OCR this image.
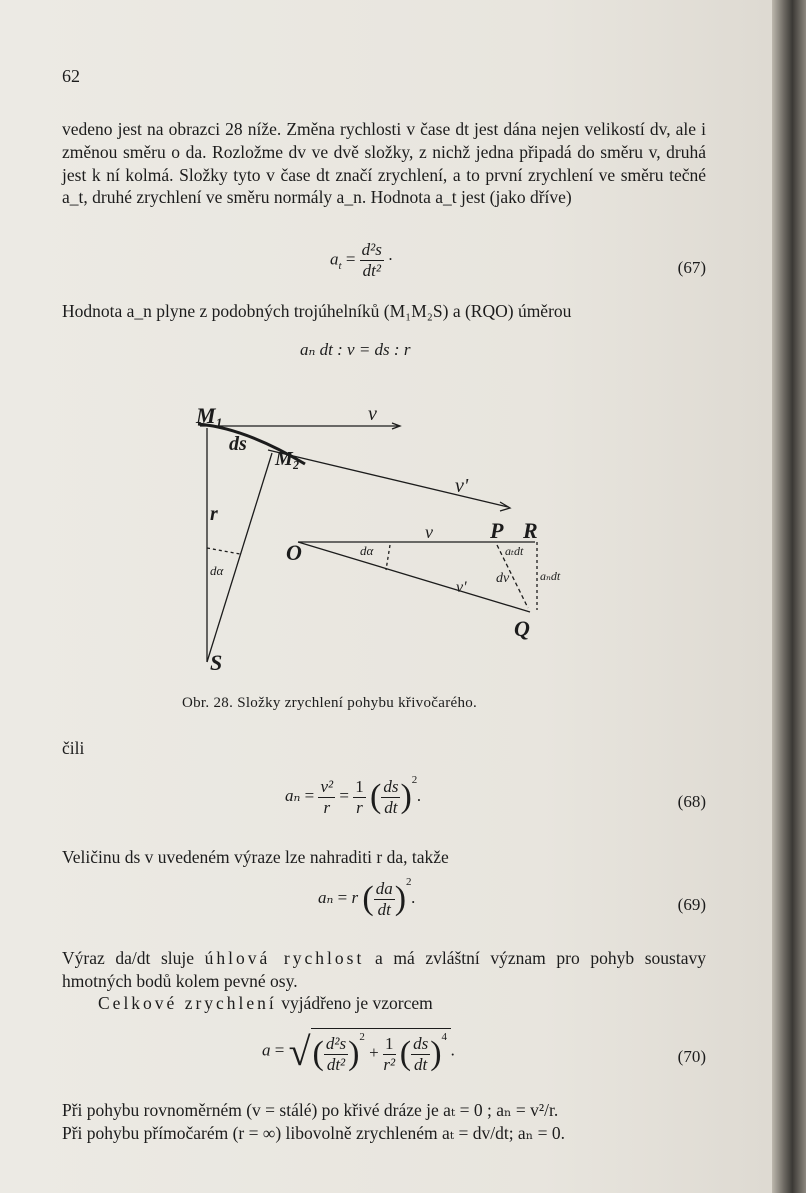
62

vedeno jest na obrazci 28 níže. Změna rychlosti v čase dt jest dána nejen velikostí dv, ale i změnou směru o da. Rozložme dv ve dvě složky, z nichž jedna připadá do směru v, druhá jest k ní kolmá. Složky tyto v čase dt značí zrychlení, a to první zrychlení ve směru tečné a_t, druhé zrychlení ve směru normály a_n. Hodnota a_t jest (jako dříve)

$a_t = \frac{\text{d²s}}{\text{dt²}}$ ·	(67)

Hodnota a_n plyne z podobných trojúhelníků (M₁M₂S) a (RQO) úměrou

aₙ dt : v = ds : r
M₁	v
ds
M₂
v'
r
dα
S
O
v	P R
aₜdt
dα
dv
v'
aₙdt
Q
Obr. 28. Složky zrychlení pohybu křivočarého.
čili
$a_n = \frac{\text{v²}}{r} = \frac{1}{r}$ ( $\frac{ds}{dt} )^2$.	(68)

Veličinu ds v uvedeném výraze lze nahraditi r da, takže

aₙ = r ( $\frac{da}{dt} )^2$.	(69)

Výraz da/dt sluje úhlová rychlost a má zvláštní význam pro pohyb soustavy hmotných bodů kolem pevné osy.

Celkové zrychlení vyjádřeno je vzorcem

a = √( $\frac{\text{d²s}}{\text{dt²}} )^2 + \frac{1}{\text{r²}}$ ( $\frac{ds}{dt} )^4$.	(70)
Při pohybu rovnoměrném (v = stálé) po křivé dráze je aₜ = 0 ; aₙ = v²/r.
Při pohybu přímočarém (r = ∞) libovolně zrychleném aₜ = dv/dt; aₙ = 0.
